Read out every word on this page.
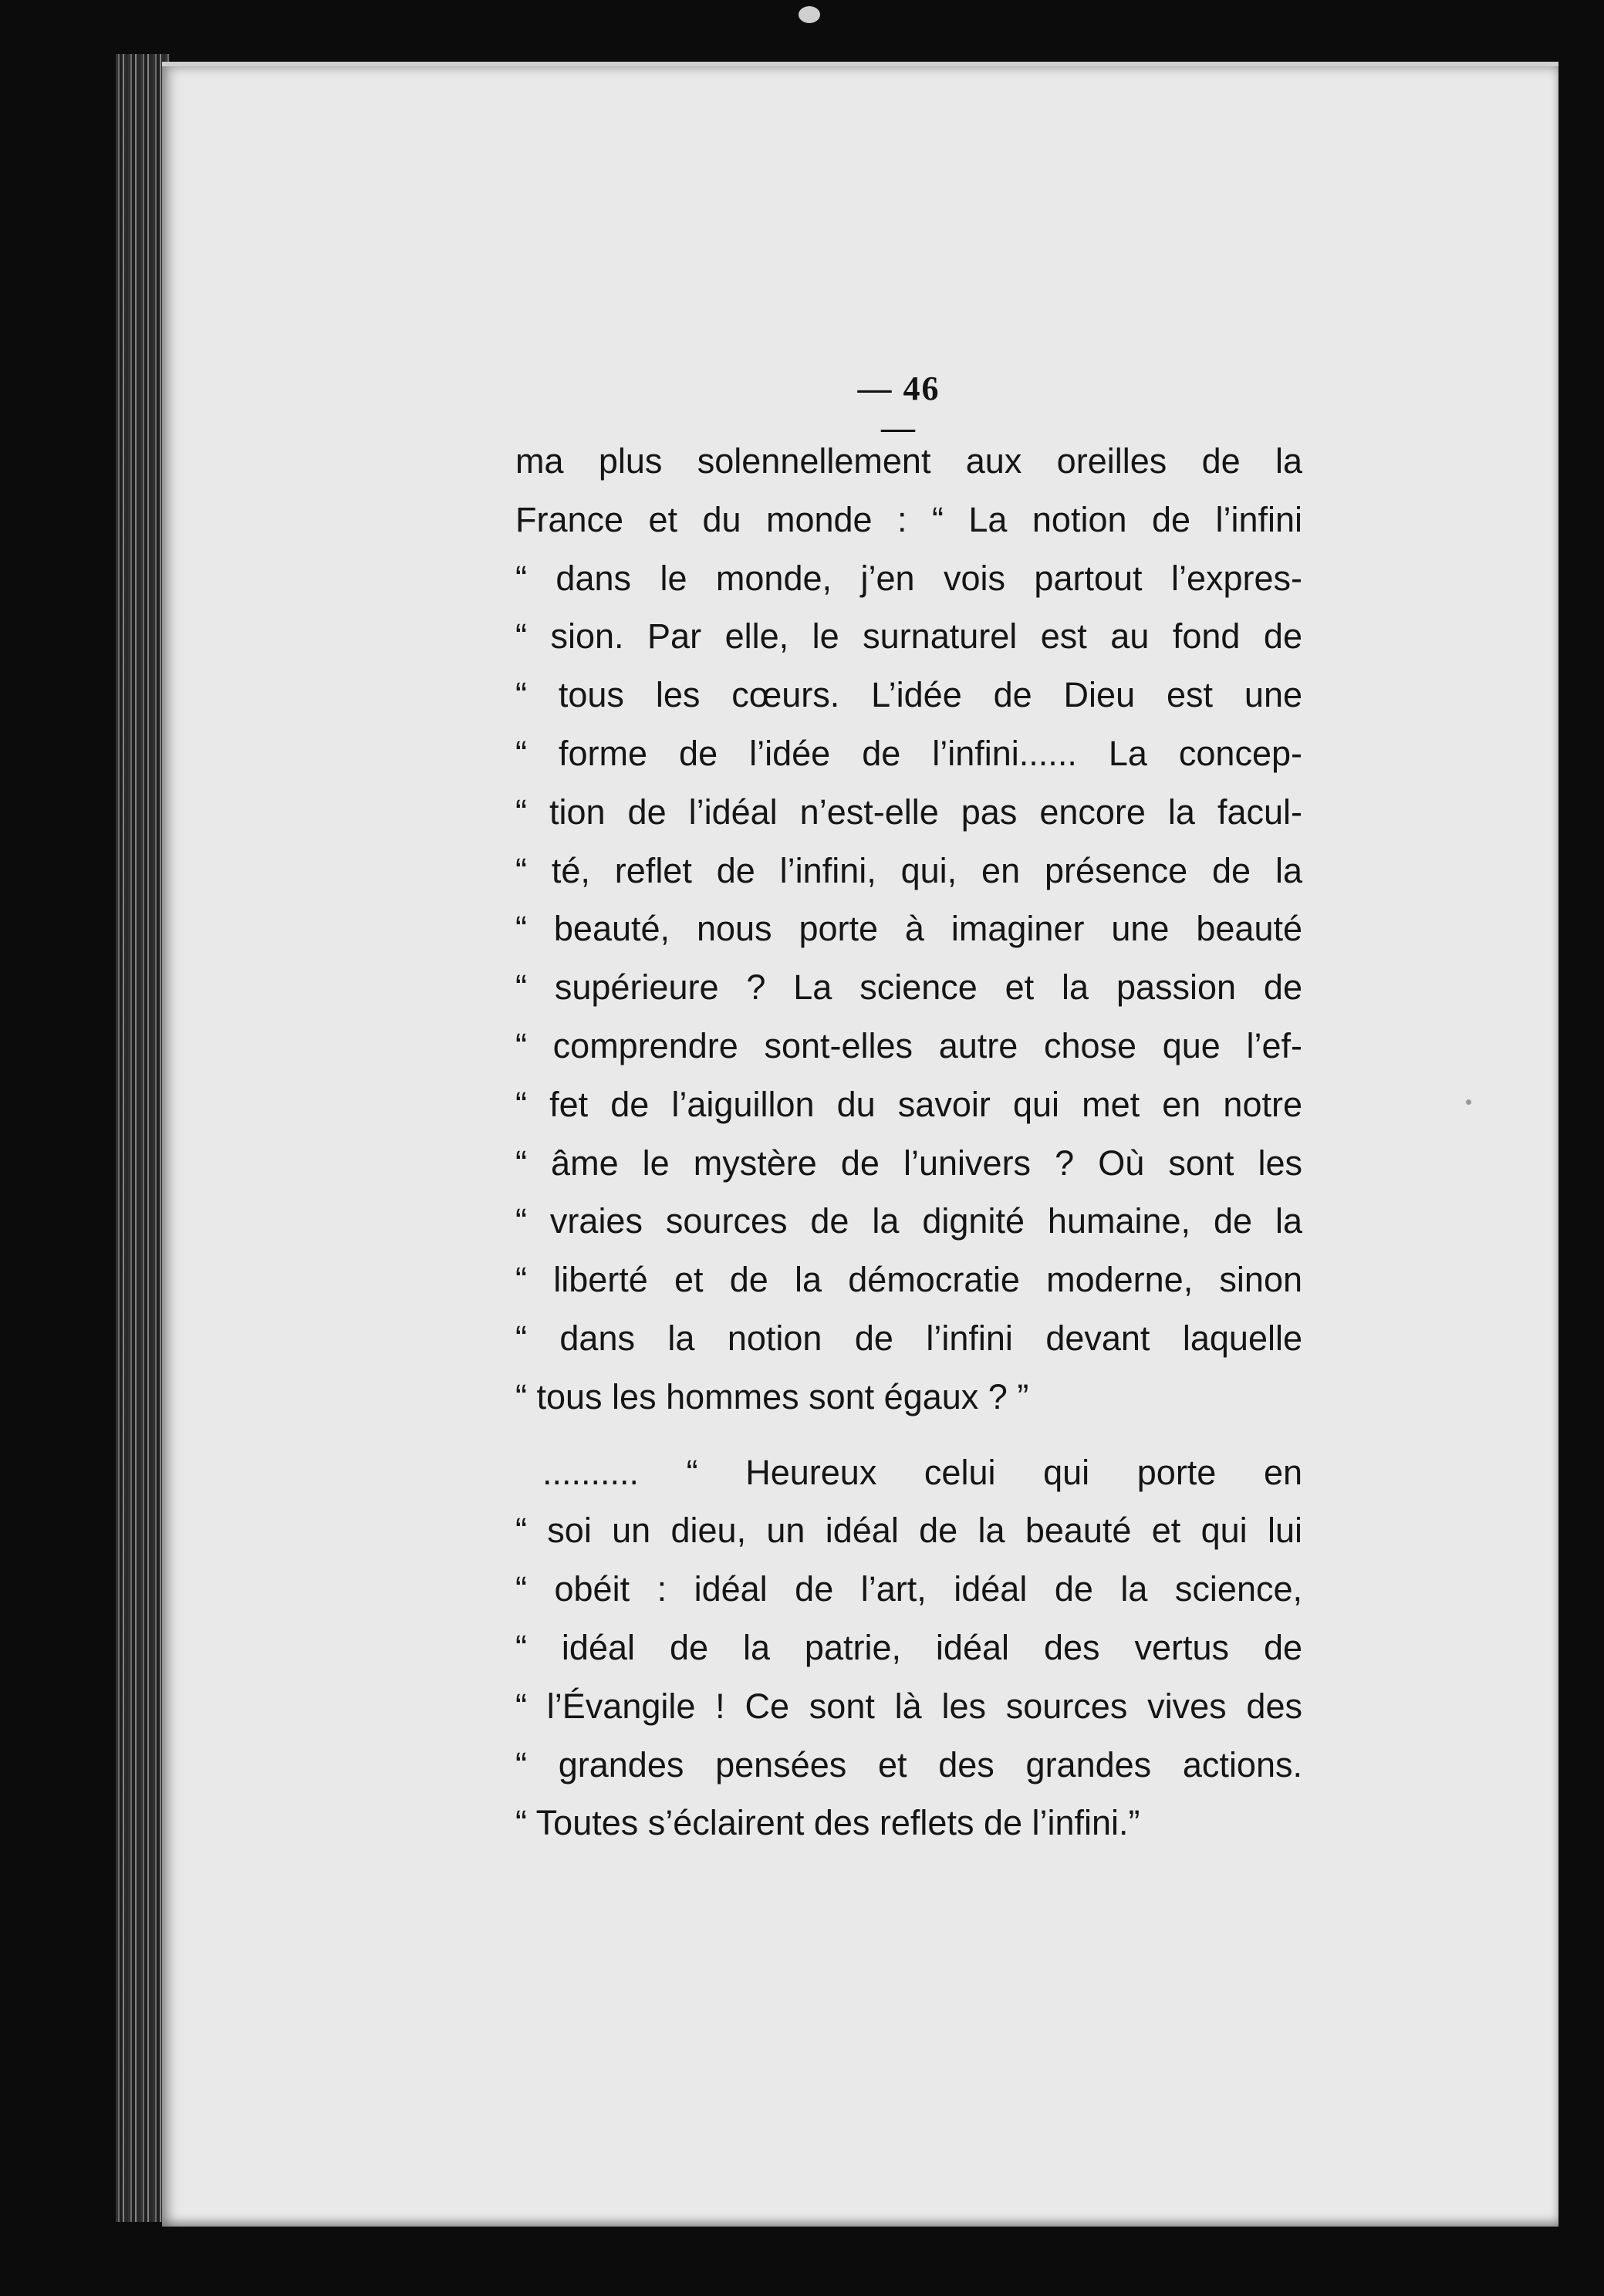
— 46 —
ma plus solennellement aux oreilles de la
France et du monde : “ La notion de l’infini
“ dans le monde, j’en vois partout l’expres-
“ sion. Par elle, le surnaturel est au fond de
“ tous les cœurs. L’idée de Dieu est une
“ forme de l’idée de l’infini...... La concep-
“ tion de l’idéal n’est-elle pas encore la facul-
“ té, reflet de l’infini, qui, en présence de la
“ beauté, nous porte à imaginer une beauté
“ supérieure ? La science et la passion de
“ comprendre sont-elles autre chose que l’ef-
“ fet de l’aiguillon du savoir qui met en notre
“ âme le mystère de l’univers ? Où sont les
“ vraies sources de la dignité humaine, de la
“ liberté et de la démocratie moderne, sinon
“ dans la notion de l’infini devant laquelle
“ tous les hommes sont égaux ? ”
.......... “ Heureux celui qui porte en
“ soi un dieu, un idéal de la beauté et qui lui
“ obéit : idéal de l’art, idéal de la science,
“ idéal de la patrie, idéal des vertus de
“ l’Évangile ! Ce sont là les sources vives des
“ grandes pensées et des grandes actions.
“ Toutes s’éclairent des reflets de l’infini.”
